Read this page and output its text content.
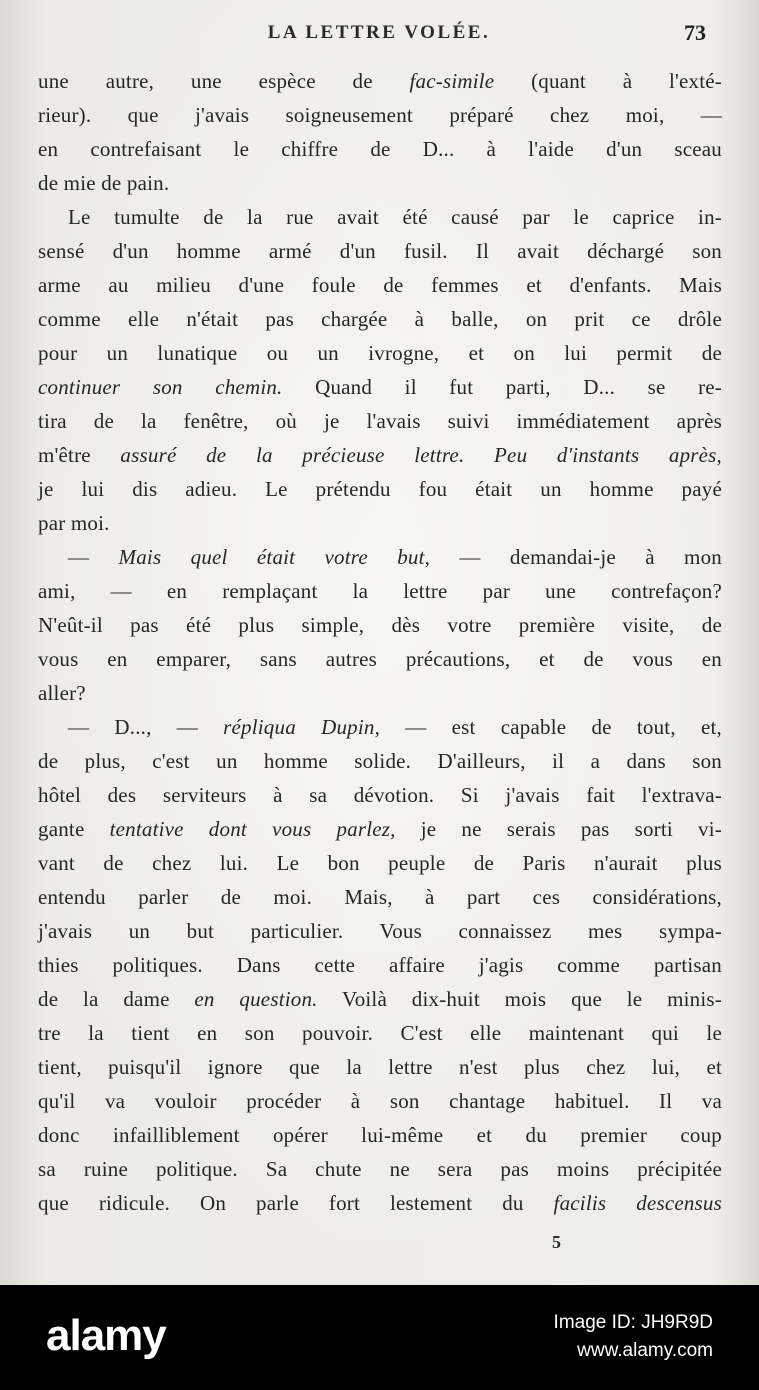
LA LETTRE VOLÉE.	73
une autre, une espèce de fac-simile (quant à l'exté-
rieur). que j'avais soigneusement préparé chez moi, —
en contrefaisant le chiffre de D... à l'aide d'un sceau
de mie de pain.
Le tumulte de la rue avait été causé par le caprice in-
sensé d'un homme armé d'un fusil. Il avait déchargé son
arme au milieu d'une foule de femmes et d'enfants. Mais
comme elle n'était pas chargée à balle, on prit ce drôle
pour un lunatique ou un ivrogne, et on lui permit de
continuer son chemin. Quand il fut parti, D... se re-
tira de la fenêtre, où je l'avais suivi immédiatement après
m'être assuré de la précieuse lettre. Peu d'instants après,
je lui dis adieu. Le prétendu fou était un homme payé
par moi.
— Mais quel était votre but, — demandai-je à mon
ami, — en remplaçant la lettre par une contrefaçon?
N'eût-il pas été plus simple, dès votre première visite, de
vous en emparer, sans autres précautions, et de vous en
aller?
— D..., — répliqua Dupin, — est capable de tout, et,
de plus, c'est un homme solide. D'ailleurs, il a dans son
hôtel des serviteurs à sa dévotion. Si j'avais fait l'extrava-
gante tentative dont vous parlez, je ne serais pas sorti vi-
vant de chez lui. Le bon peuple de Paris n'aurait plus
entendu parler de moi. Mais, à part ces considérations,
j'avais un but particulier. Vous connaissez mes sympa-
thies politiques. Dans cette affaire j'agis comme partisan
de la dame en question. Voilà dix-huit mois que le minis-
tre la tient en son pouvoir. C'est elle maintenant qui le
tient, puisqu'il ignore que la lettre n'est plus chez lui, et
qu'il va vouloir procéder à son chantage habituel. Il va
donc infailliblement opérer lui-même et du premier coup
sa ruine politique. Sa chute ne sera pas moins précipitée
que ridicule. On parle fort lestement du facilis descensus
5
alamy	Image ID: JH9R9D
www.alamy.com
